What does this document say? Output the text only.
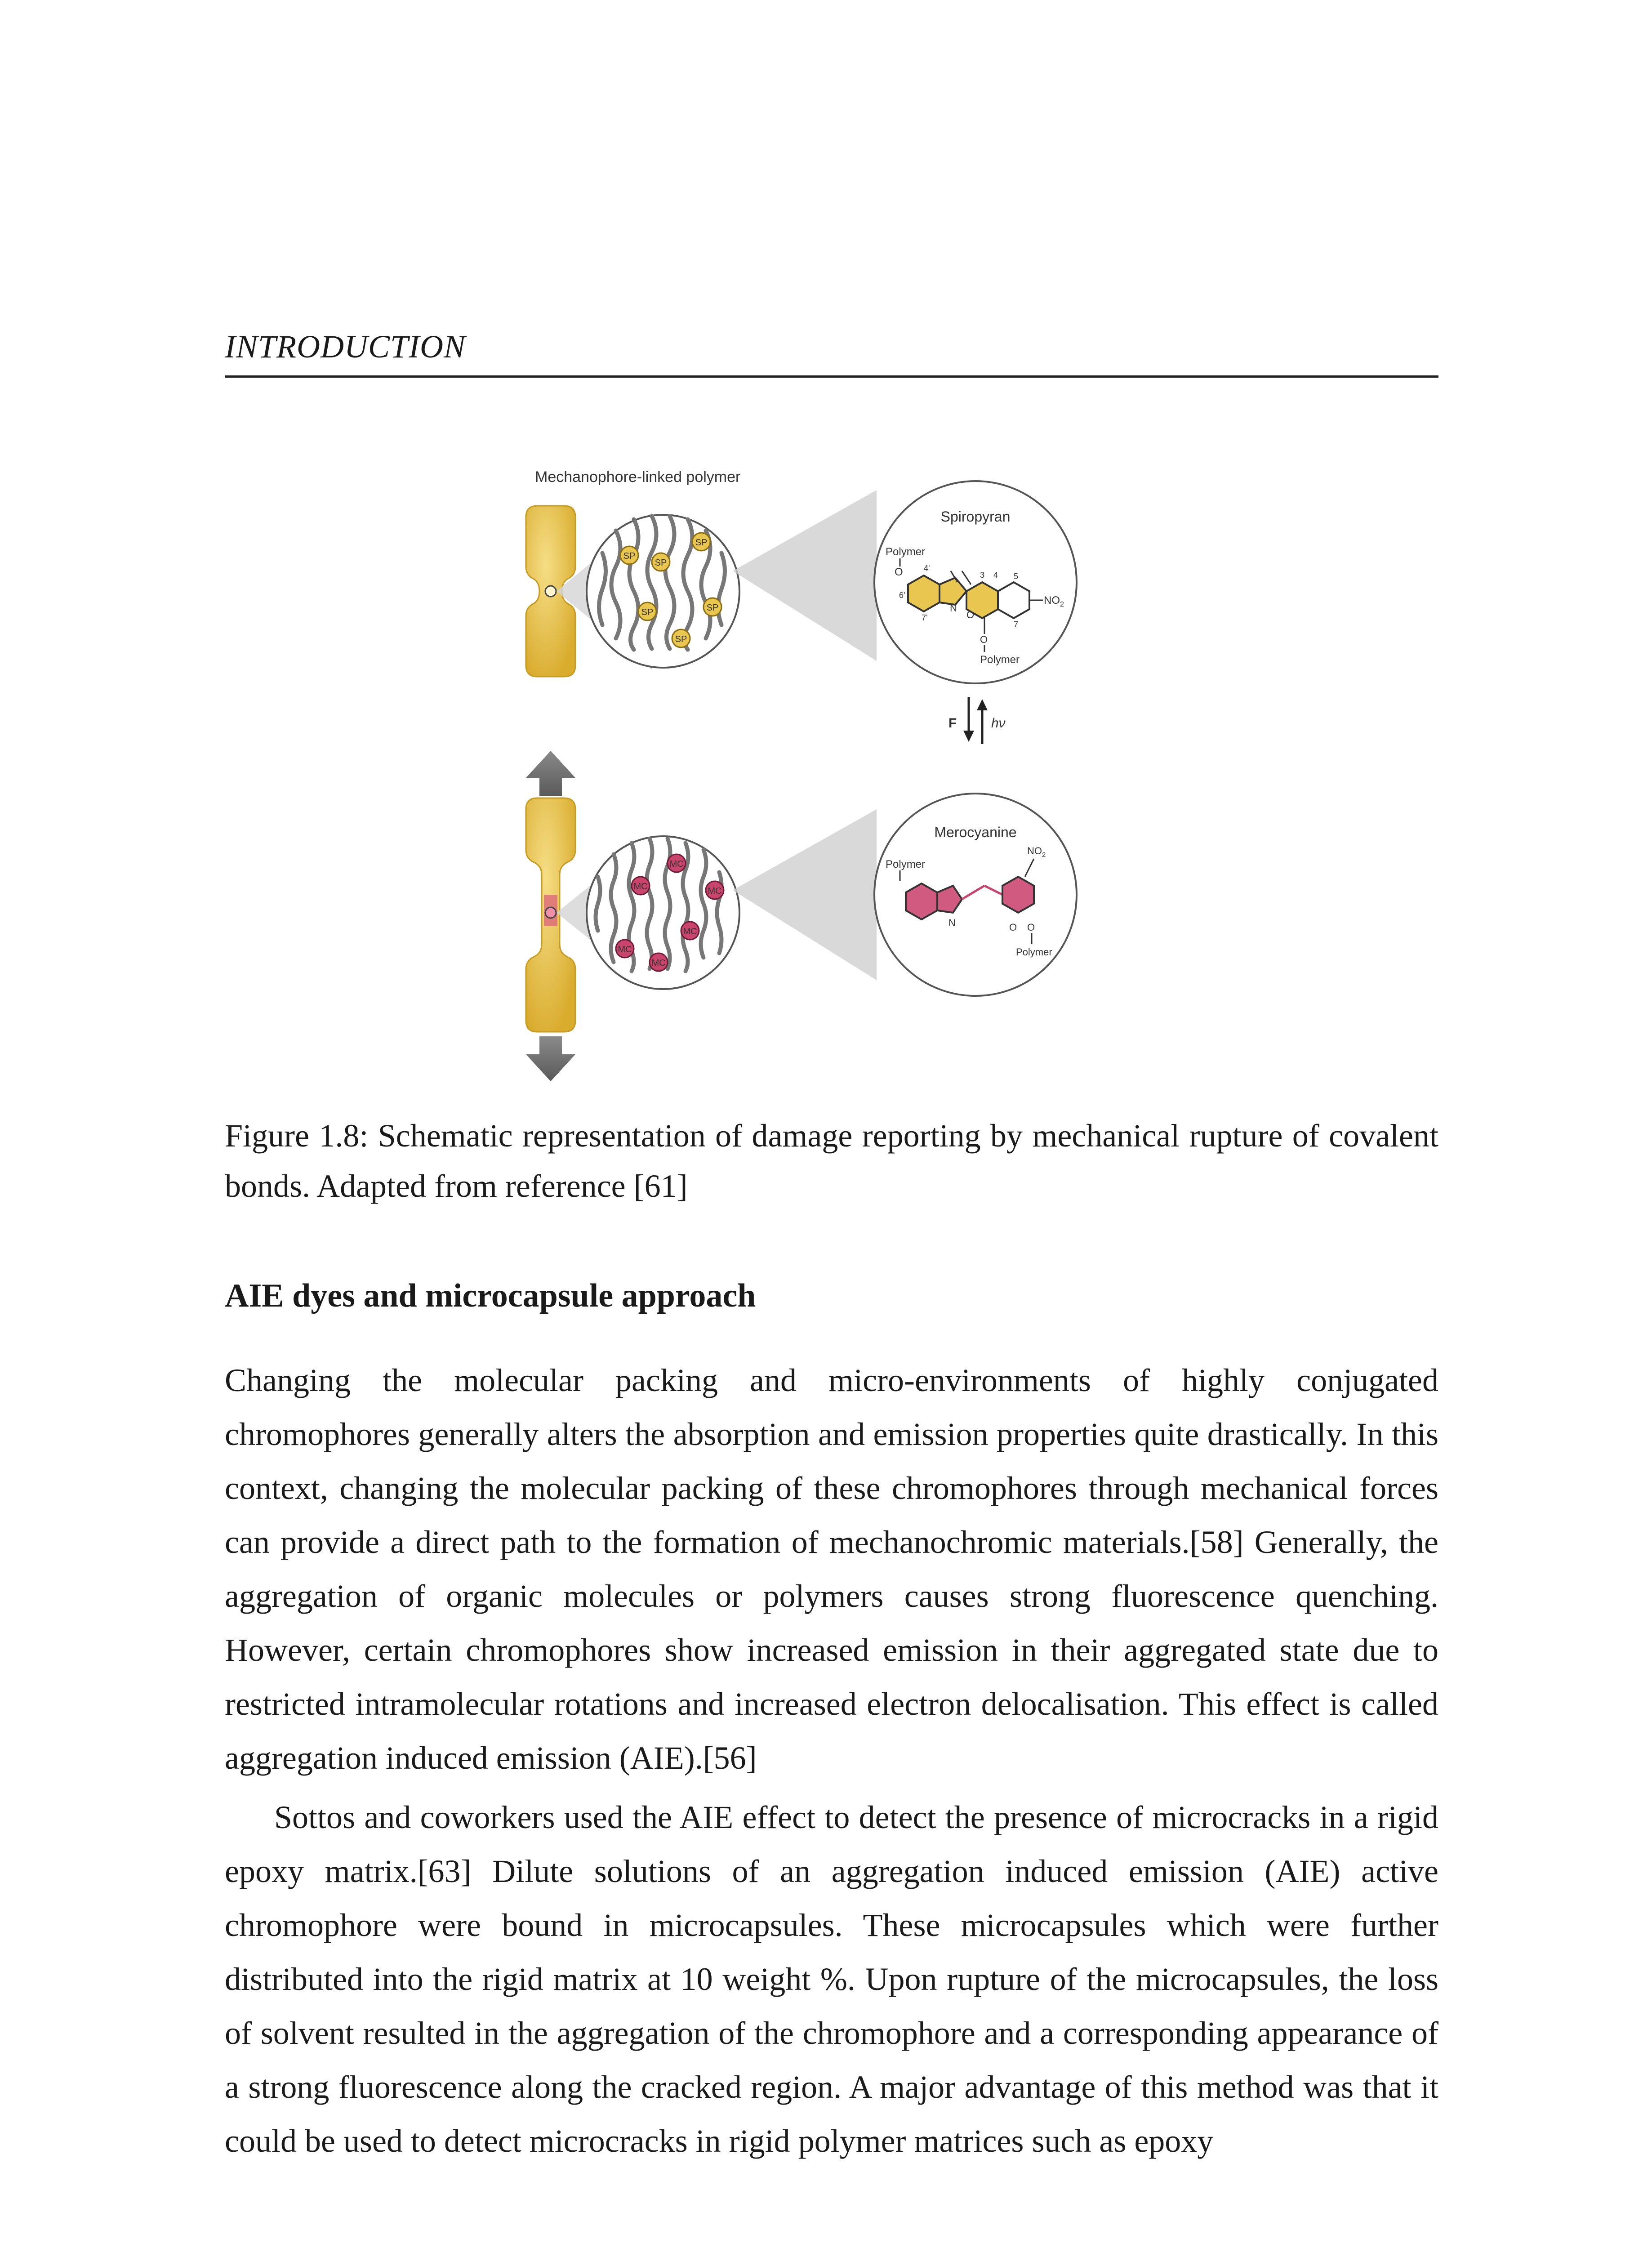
INTRODUCTION
Mechanophore-linked polymer
SP
SP
SP
SP
SP
SP
Spiropyran
Polymer
O
$NO_2$
4'
3 4 5
6'
7'
7
N
O
O
Polymer
F	hν
MC
MC	MC
MC
MC
MC
Merocyanine
Polymer
$NO_2$
N	O O
Polymer
Figure 1.8: Schematic representation of damage reporting by mechanical rupture of covalent bonds. Adapted from reference [61]
AIE dyes and microcapsule approach

Changing the molecular packing and micro-environments of highly conjugated chromophores generally alters the absorption and emission properties quite drastically. In this context, changing the molecular packing of these chromophores through mechanical forces can provide a direct path to the formation of mechanochromic materials.[58] Generally, the aggregation of organic molecules or polymers causes strong fluorescence quenching. However, certain chromophores show increased emission in their aggregated state due to restricted intramolecular rotations and increased electron delocalisation. This effect is called aggregation induced emission (AIE).[56]

Sottos and coworkers used the AIE effect to detect the presence of microcracks in a rigid epoxy matrix.[63] Dilute solutions of an aggregation induced emission (AIE) active chromophore were bound in microcapsules. These microcapsules which were further distributed into the rigid matrix at 10 weight %. Upon rupture of the microcapsules, the loss of solvent resulted in the aggregation of the chromophore and a corresponding appearance of a strong fluorescence along the cracked region. A major advantage of this method was that it could be used to detect microcracks in rigid polymer matrices such as epoxy
